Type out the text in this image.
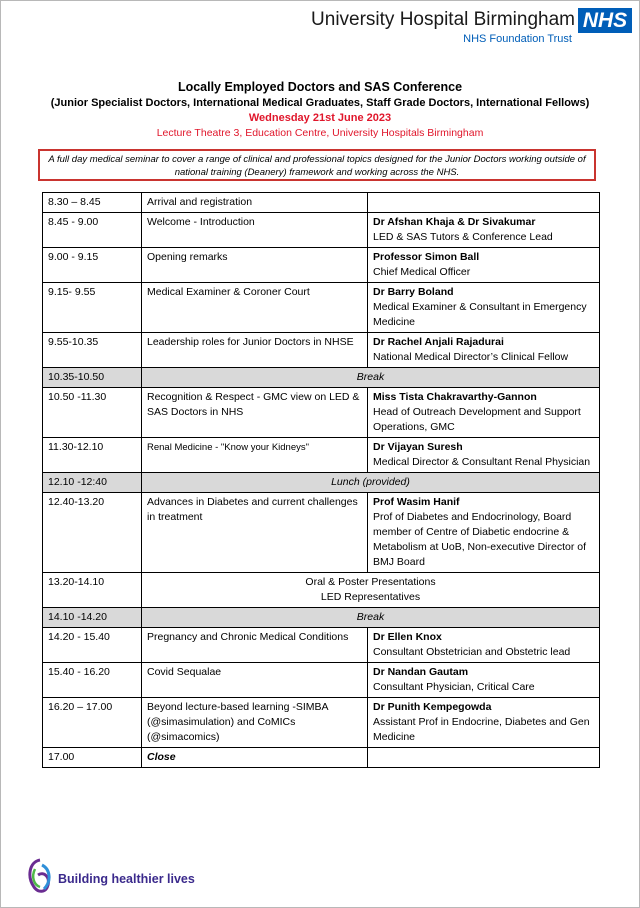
University Hospital Birmingham NHS
NHS Foundation Trust
Locally Employed Doctors and SAS Conference
(Junior Specialist Doctors, International Medical Graduates, Staff Grade Doctors, International Fellows)
Wednesday 21st June 2023
Lecture Theatre 3, Education Centre, University Hospitals Birmingham
A full day medical seminar to cover a range of clinical and professional topics designed for the Junior Doctors working outside of
national training (Deanery) framework and working across the NHS.
8.30 – 8.45	Arrival and registration	
8.45 - 9.00	Welcome - Introduction	Dr Afshan Khaja & Dr Sivakumar
LED & SAS Tutors & Conference Lead

9.00 - 9.15	Opening remarks	Professor Simon Ball
Chief Medical Officer

9.15- 9.55	Medical Examiner & Coroner Court	Dr Barry Boland
Medical Examiner & Consultant in Emergency Medicine

9.55-10.35	Leadership roles for Junior Doctors in NHSE	Dr Rachel Anjali Rajadurai
National Medical Director’s Clinical Fellow

10.35-10.50	Break	
10.50 -11.30	Recognition & Respect - GMC view on LED & SAS Doctors in NHS	Miss Tista Chakravarthy-Gannon
Head of Outreach Development and Support Operations, GMC

11.30-12.10	Renal Medicine - "Know your Kidneys"	Dr Vijayan Suresh
Medical Director & Consultant Renal Physician

12.10 -12:40	Lunch (provided)	
12.40-13.20	Advances in Diabetes and current challenges in treatment	Prof Wasim Hanif
Prof of Diabetes and Endocrinology, Board member of Centre of Diabetic endocrine & Metabolism at UoB, Non-executive Director of BMJ Board

13.20-14.10	Oral & Poster Presentations
LED Representatives	

14.10 -14.20	Break	
14.20 - 15.40	Pregnancy and Chronic Medical Conditions	Dr Ellen Knox
Consultant Obstetrician and Obstetric lead

15.40 - 16.20	Covid Sequalae	Dr Nandan Gautam
Consultant Physician, Critical Care

16.20 – 17.00	Beyond lecture-based learning -SIMBA (@simasimulation) and CoMICs (@simacomics)	Dr Punith Kempegowda
Assistant Prof in Endocrine, Diabetes and Gen Medicine

17.00	Close	
Building healthier lives
